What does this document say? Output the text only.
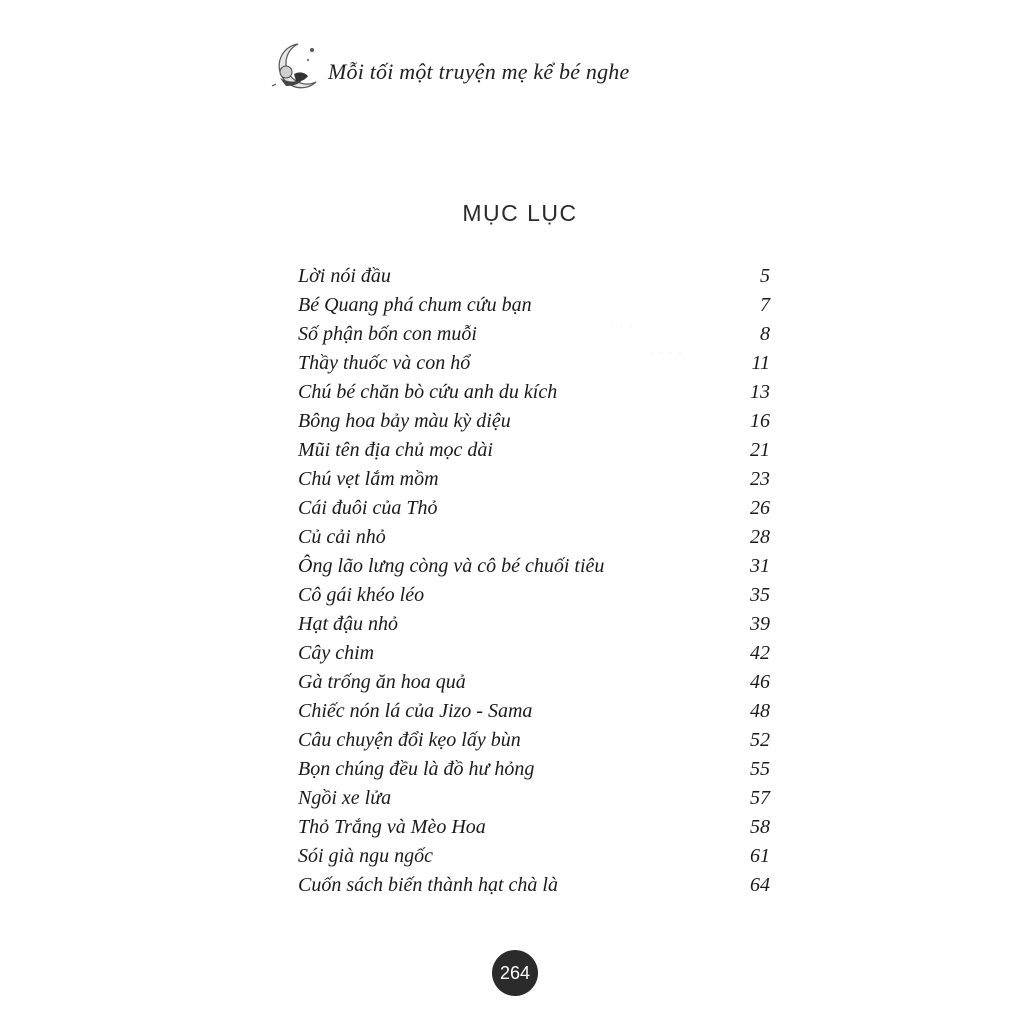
· · ·
· · · ·
Mỗi tối một truyện mẹ kể bé nghe
MỤC LỤC
Lời nói đầu	5
Bé Quang phá chum cứu bạn	7
Số phận bốn con muỗi	8
Thầy thuốc và con hổ	11
Chú bé chăn bò cứu anh du kích	13
Bông hoa bảy màu kỳ diệu	16
Mũi tên địa chủ mọc dài	21
Chú vẹt lắm mồm	23
Cái đuôi của Thỏ	26
Củ cải nhỏ	28
Ông lão lưng còng và cô bé chuối tiêu	31
Cô gái khéo léo	35
Hạt đậu nhỏ	39
Cây chim	42
Gà trống ăn hoa quả	46
Chiếc nón lá của Jizo - Sama	48
Câu chuyện đổi kẹo lấy bùn	52
Bọn chúng đều là đồ hư hỏng	55
Ngồi xe lửa	57
Thỏ Trắng và Mèo Hoa	58
Sói già ngu ngốc	61
Cuốn sách biến thành hạt chà là	64
264
